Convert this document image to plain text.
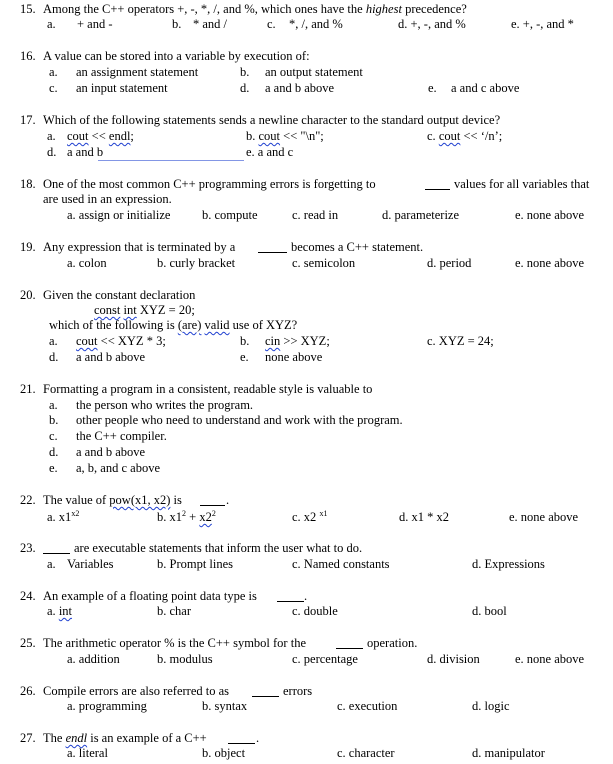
15. Among the C++ operators +, -, *, /, and %, which ones have the highest precedence?
a. + and -	b. * and /	c. *, /, and %	d. +, -, and %	e. +, -, and *
16. A value can be stored into a variable by execution of:
a. an assignment statement	b. an output statement
c. an input statement	d. a and b above	e. a and c above
17. Which of the following statements sends a newline character to the standard output device?
a. cout << endl;	b. cout << "\n";	c. cout << ‘/n’;
d. a and b	e. a and c
18. One of the most common C++ programming errors is forgetting to	values for all variables that
are used in an expression.
a. assign or initialize	b. compute	c. read in	d. parameterize	e. none above
19. Any expression that is terminated by a	becomes a C++ statement.
a. colon	b. curly bracket	c. semicolon	d. period	e. none above
20. Given the constant declaration
const int XYZ = 20;
which of the following is (are) valid use of XYZ?
a. cout << XYZ * 3;	b. cin >> XYZ;	c. XYZ = 24;
d. a and b above	e. none above
21. Formatting a program in a consistent, readable style is valuable to
a. the person who writes the program.
b. other people who need to understand and work with the program.
c. the C++ compiler.
d. a and b above
e. a, b, and c above
22. The value of pow(x1, x2) is	.
a. $x1^{x2}$	b. $x1^2 + x2^2$	c. x2 $^{x1}$	d. x1 * x2	e. none above
23.	are executable statements that inform the user what to do.
a. Variables	b. Prompt lines	c. Named constants	d. Expressions
24. An example of a floating point data type is	.
a. int	b. char	c. double	d. bool
25. The arithmetic operator % is the C++ symbol for the	operation.
a. addition	b. modulus	c. percentage	d. division	e. none above
26. Compile errors are also referred to as	errors
a. programming	b. syntax	c. execution	d. logic
27. The endl is an example of a C++	.
a. literal	b. object	c. character	d. manipulator
